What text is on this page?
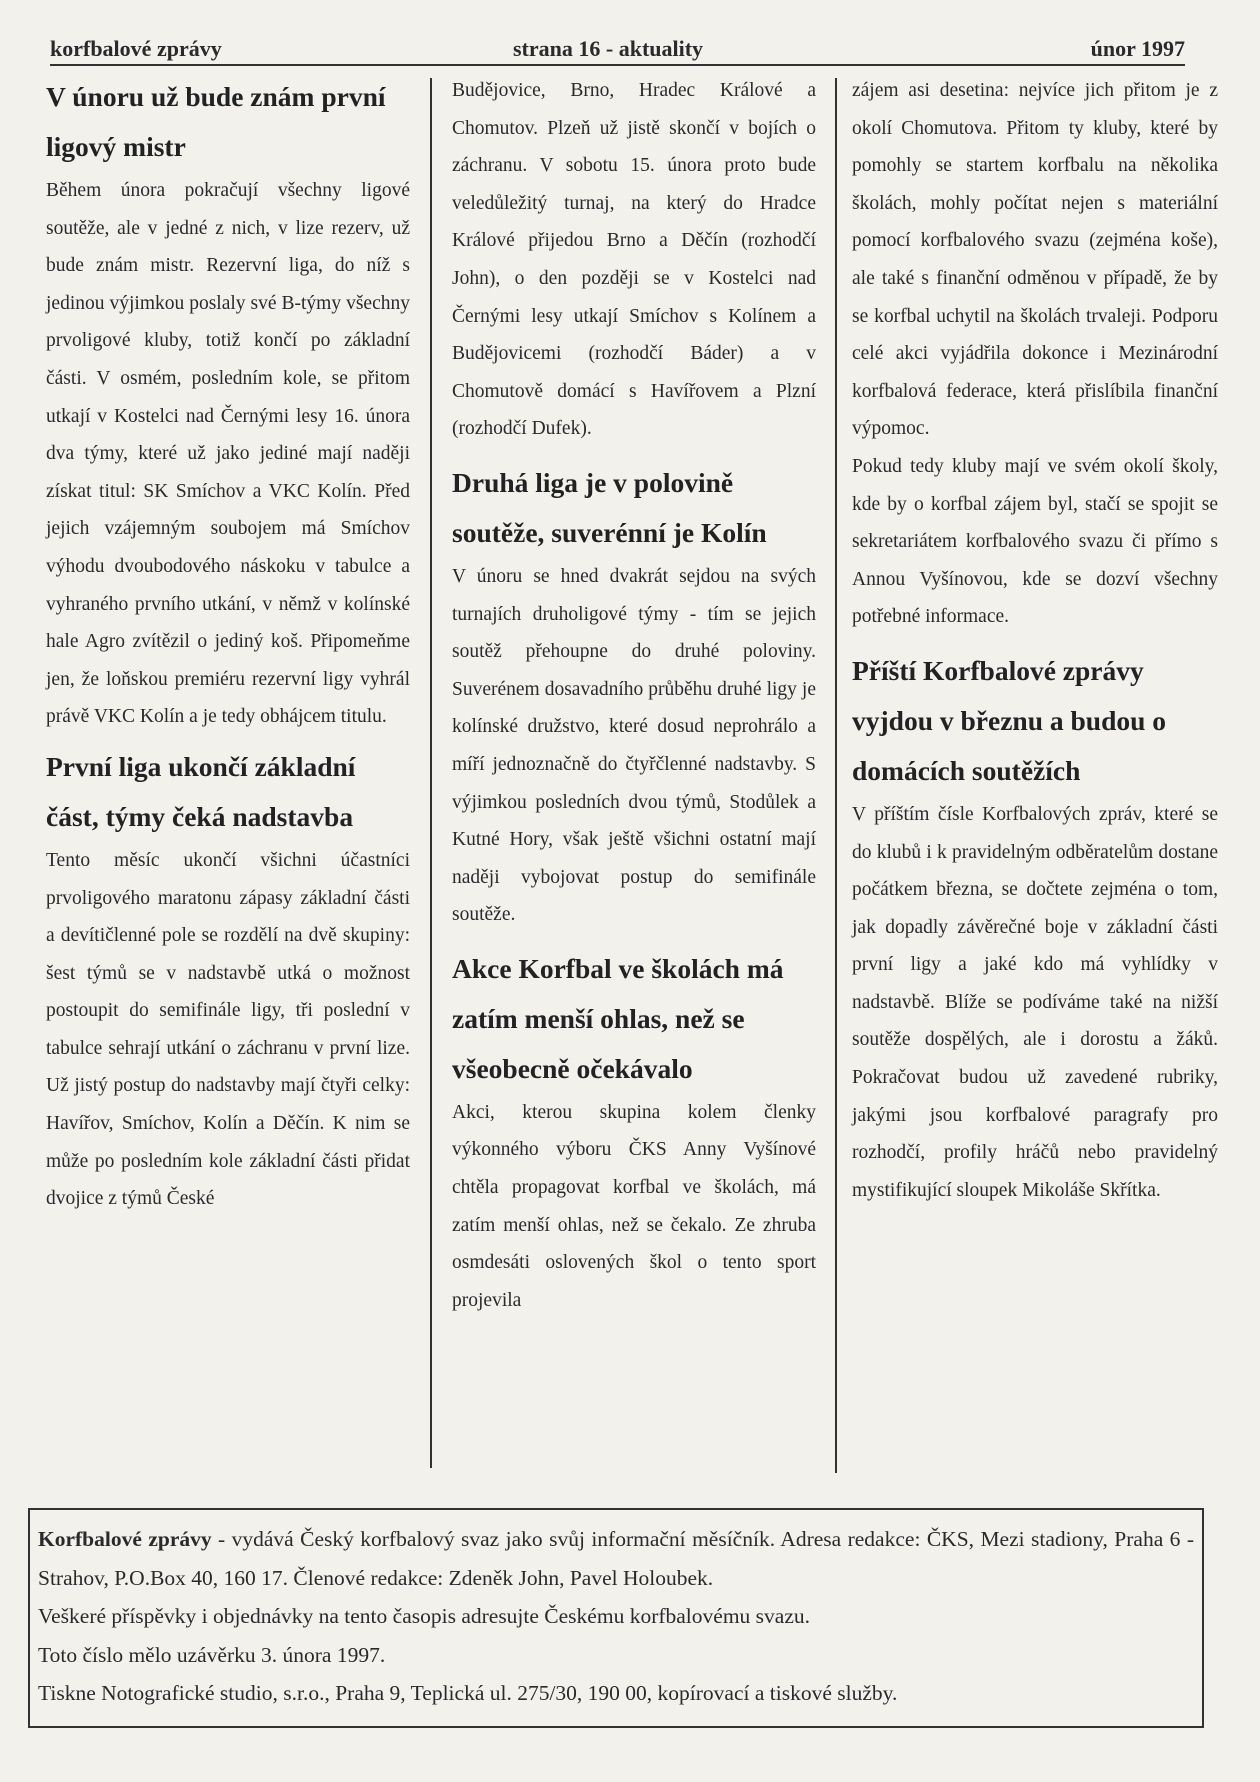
korfbalové zprávy	strana 16 - aktuality	únor 1997
V únoru už bude znám první ligový mistr

Během února pokračují všechny ligové soutěže, ale v jedné z nich, v lize rezerv, už bude znám mistr. Rezervní liga, do níž s jedinou výjimkou poslaly své B-týmy všechny prvoligové kluby, totiž končí po základní části. V osmém, posledním kole, se přitom utkají v Kostelci nad Černými lesy 16. února dva týmy, které už jako jediné mají naději získat titul: SK Smíchov a VKC Kolín. Před jejich vzájemným soubojem má Smíchov výhodu dvoubodového náskoku v tabulce a vyhraného prvního utkání, v němž v kolínské hale Agro zvítězil o jediný koš. Připomeňme jen, že loňskou premiéru rezervní ligy vyhrál právě VKC Kolín a je tedy obhájcem titulu.

První liga ukončí základní část, týmy čeká nadstavba

Tento měsíc ukončí všichni účastníci prvoligového maratonu zápasy základní části a devítičlenné pole se rozdělí na dvě skupiny: šest týmů se v nadstavbě utká o možnost postoupit do semifinále ligy, tři poslední v tabulce sehrají utkání o záchranu v první lize. Už jistý postup do nadstavby mají čtyři celky: Havířov, Smíchov, Kolín a Děčín. K nim se může po posledním kole základní části přidat dvojice z týmů České

Budějovice, Brno, Hradec Králové a Chomutov. Plzeň už jistě skončí v bojích o záchranu. V sobotu 15. února proto bude veledůležitý turnaj, na který do Hradce Králové přijedou Brno a Děčín (rozhodčí John), o den později se v Kostelci nad Černými lesy utkají Smíchov s Kolínem a Budějovicemi (rozhodčí Báder) a v Chomutově domácí s Havířovem a Plzní (rozhodčí Dufek).

Druhá liga je v polovině soutěže, suverénní je Kolín

V únoru se hned dvakrát sejdou na svých turnajích druholigové týmy - tím se jejich soutěž přehoupne do druhé poloviny. Suverénem dosavadního průběhu druhé ligy je kolínské družstvo, které dosud neprohrálo a míří jednoznačně do čtyřčlenné nadstavby. S výjimkou posledních dvou týmů, Stodůlek a Kutné Hory, však ještě všichni ostatní mají naději vybojovat postup do semifinále soutěže.

Akce Korfbal ve školách má zatím menší ohlas, než se všeobecně očekávalo

Akci, kterou skupina kolem členky výkonného výboru ČKS Anny Vyšínové chtěla propagovat korfbal ve školách, má zatím menší ohlas, než se čekalo. Ze zhruba osmdesáti oslovených škol o tento sport projevila

zájem asi desetina: nejvíce jich přitom je z okolí Chomutova. Přitom ty kluby, které by pomohly se startem korfbalu na několika školách, mohly počítat nejen s materiální pomocí korfbalového svazu (zejména koše), ale také s finanční odměnou v případě, že by se korfbal uchytil na školách trvaleji. Podporu celé akci vyjádřila dokonce i Mezinárodní korfbalová federace, která přislíbila finanční výpomoc.

Pokud tedy kluby mají ve svém okolí školy, kde by o korfbal zájem byl, stačí se spojit se sekretariátem korfbalového svazu či přímo s Annou Vyšínovou, kde se dozví všechny potřebné informace.

Příští Korfbalové zprávy vyjdou v březnu a budou o domácích soutěžích

V příštím čísle Korfbalových zpráv, které se do klubů i k pravidelným odběratelům dostane počátkem března, se dočtete zejména o tom, jak dopadly závěrečné boje v základní části první ligy a jaké kdo má vyhlídky v nadstavbě. Blíže se podíváme také na nižší soutěže dospělých, ale i dorostu a žáků. Pokračovat budou už zavedené rubriky, jakými jsou korfbalové paragrafy pro rozhodčí, profily hráčů nebo pravidelný mystifikující sloupek Mikoláše Skřítka.

Korfbalové zprávy - vydává Český korfbalový svaz jako svůj informační měsíčník. Adresa redakce: ČKS, Mezi stadiony, Praha 6 - Strahov, P.O.Box 40, 160 17. Členové redakce: Zdeněk John, Pavel Holoubek.
Veškeré příspěvky i objednávky na tento časopis adresujte Českému korfbalovému svazu.
Toto číslo mělo uzávěrku 3. února 1997.
Tiskne Notografické studio, s.r.o., Praha 9, Teplická ul. 275/30, 190 00, kopírovací a tiskové služby.
